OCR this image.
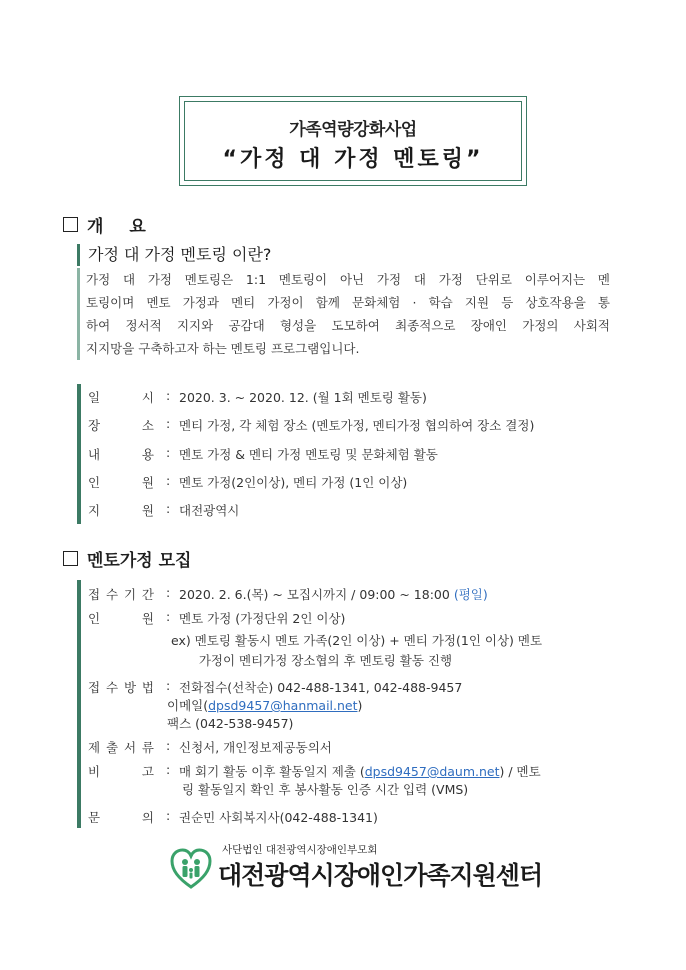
가족역량강화사업
“가정 대 가정 멘토링”
개 요
가정 대 가정 멘토링 이란?
가정 대 가정 멘토링은 1:1 멘토링이 아닌 가정 대 가정 단위로 이루어지는 멘
토링이며 멘토 가정과 멘티 가정이 함께 문화체험 · 학습 지원 등 상호작용을 통
하여 정서적 지지와 공감대 형성을 도모하여 최종적으로 장애인 가정의 사회적
지지망을 구축하고자 하는 멘토링 프로그램입니다.
일	시 : 2020. 3. ~ 2020. 12. (월 1회 멘토링 활동)
장	소 : 멘티 가정, 각 체험 장소 (멘토가정, 멘티가정 협의하여 장소 결정)
내	용 : 멘토 가정 & 멘티 가정 멘토링 및 문화체험 활동
인	원 : 멘토 가정(2인이상), 멘티 가정 (1인 이상)
지	원 : 대전광역시
멘토가정 모집
접 수 기 간 : 2020. 2. 6.(목) ~ 모집시까지 / 09:00 ~ 18:00 (평일)
인	원 : 멘토 가정 (가정단위 2인 이상)
ex) 멘토링 활동시 멘토 가족(2인 이상) + 멘티 가정(1인 이상) 멘토
가정이 멘티가정 장소협의 후 멘토링 활동 진행
접 수 방 법 : 전화접수(선착순) 042-488-1341, 042-488-9457
이메일(dpsd9457@hanmail.net)
팩스 (042-538-9457)
제 출 서 류 : 신청서, 개인정보제공동의서
비	고 : 매 회기 활동 이후 활동일지 제출 (dpsd9457@daum.net) / 멘토
링 활동일지 확인 후 봉사활동 인증 시간 입력 (VMS)
문	의 : 권순민 사회복지사(042-488-1341)
사단법인 대전광역시장애인부모회
대전광역시장애인가족지원센터
